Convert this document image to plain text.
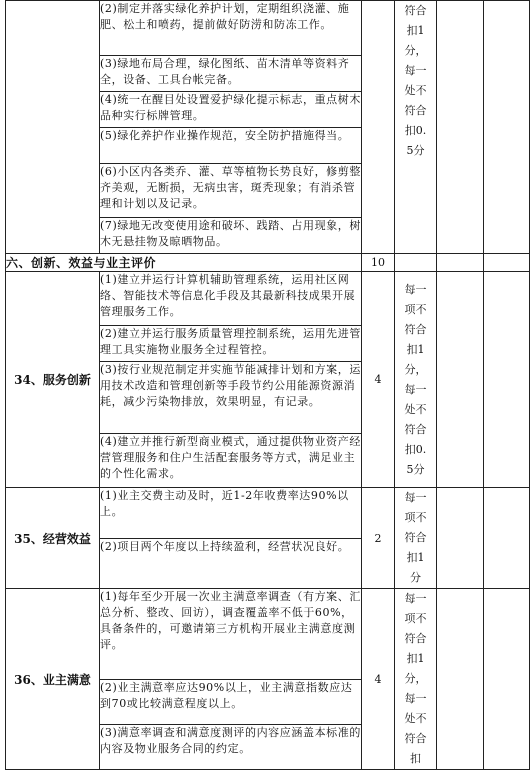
	(2)制定并落实绿化养护计划，定期组织浇灌、施肥、松土和喷药，提前做好防涝和防冻工作。		符合扣1分，每一处不符合扣0.5分		

	(3)绿地布局合理，绿化图纸、苗木清单等资料齐全，设备、工具台帐完备。				
	(4)统一在醒目处设置爱护绿化提示标志，重点树木品种实行标牌管理。				
	(5)绿化养护作业操作规范，安全防护措施得当。				
	(6)小区内各类乔、灌、草等植物长势良好，修剪整齐美观，无断损，无病虫害，斑秃现象；有消杀管理和计划以及记录。				
	(7)绿地无改变使用途和破坏、践踏、占用现象，树木无悬挂物及晾晒物品。				
六、创新、效益与业主评价		10			
34、服务创新	(1)建立并运行计算机辅助管理系统，运用社区网络、智能技术等信息化手段及其最新科技成果开展管理服务工作。	4	每一项不符合扣1分，每一处不符合扣0.5分		

	(2)建立并运行服务质量管理控制系统，运用先进管理工具实施物业服务全过程管控。				
	(3)按行业规范制定并实施节能减排计划和方案，运用技术改造和管理创新等手段节约公用能源资源消耗，减少污染物排放，效果明显，有记录。				
	(4)建立并推行新型商业模式，通过提供物业资产经营管理服务和住户生活配套服务等方式，满足业主的个性化需求。				
35、经营效益	(1)业主交费主动及时，近1-2年收费率达90%以上。	2	每一项不符合扣1分		

	(2)项目两个年度以上持续盈利，经营状况良好。				
36、业主满意	(1)每年至少开展一次业主满意率调查（有方案、汇总分析、整改、回访），调查覆盖率不低于60%，具备条件的，可邀请第三方机构开展业主满意度测评。	4	每一项不符合扣1分，每一处不符合扣		

	(2)业主满意率应达90%以上，业主满意指数应达到70或比较满意程度以上。				
	(3)满意率调查和满意度测评的内容应涵盖本标准的内容及物业服务合同的约定。				
